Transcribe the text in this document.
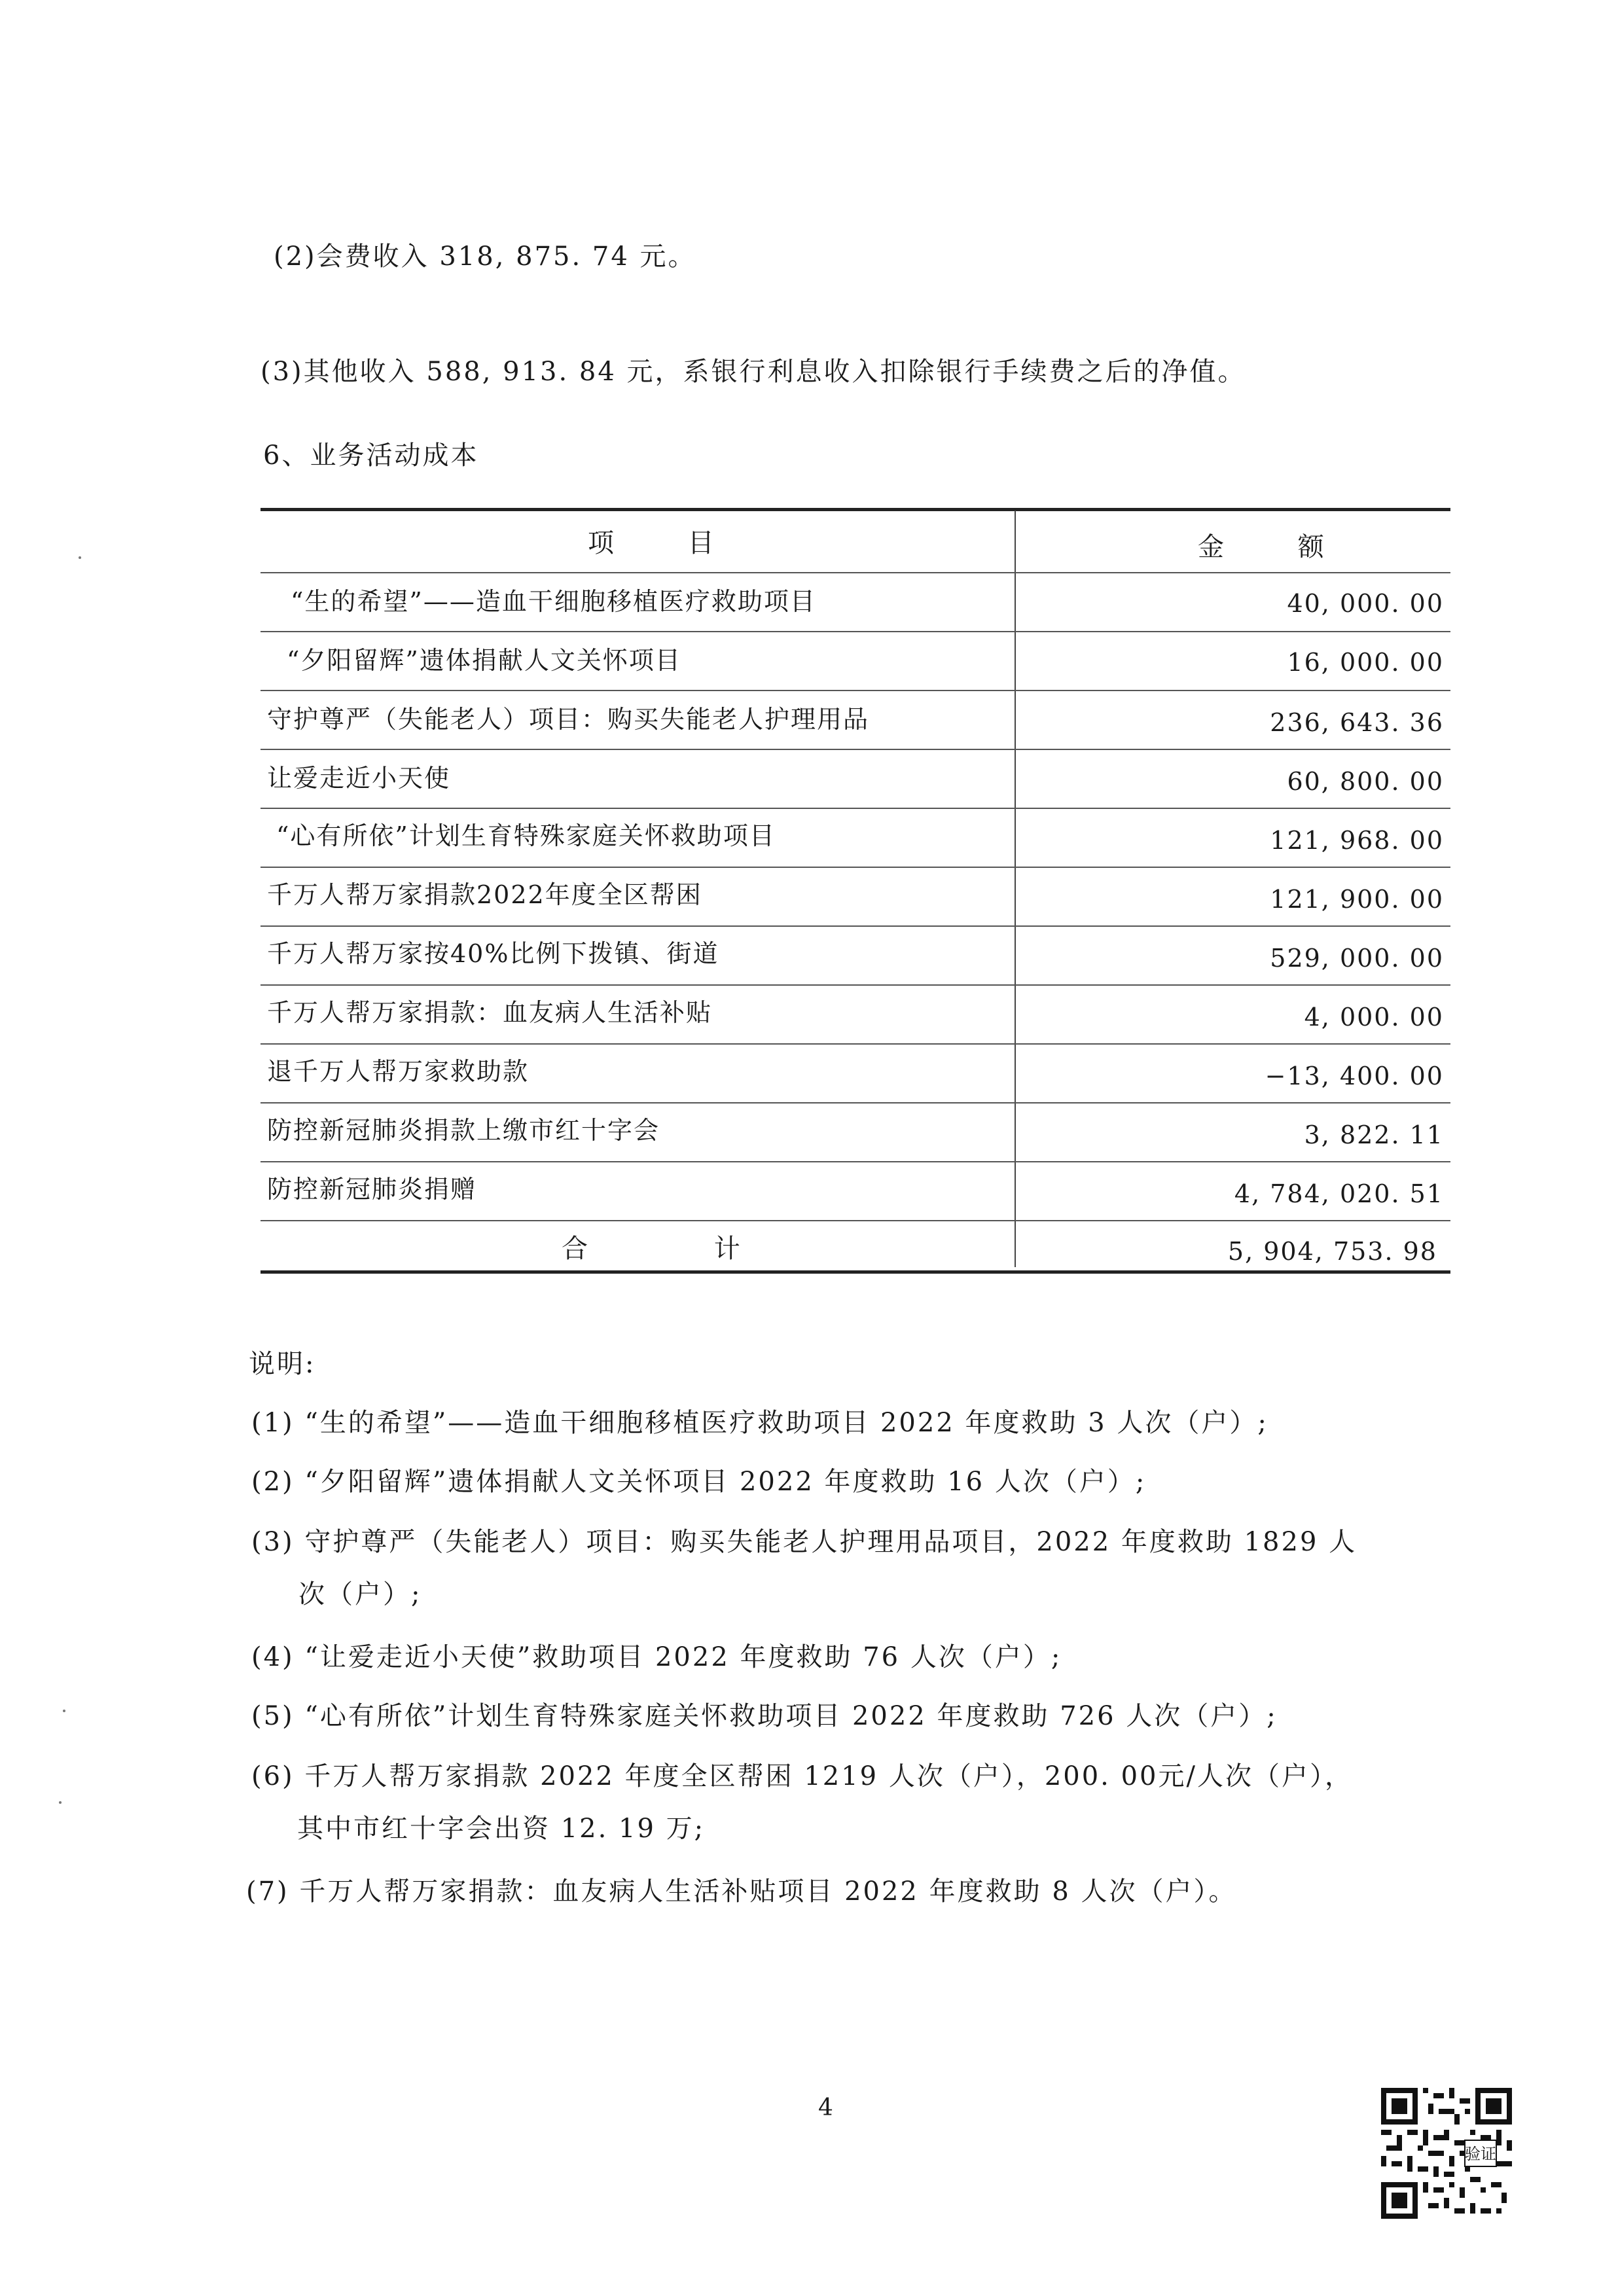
(2)会费收入 318, 875. 74 元。
(3)其他收入 588, 913. 84 元，系银行利息收入扣除银行手续费之后的净值。
6、业务活动成本
项 目	金 额
“生的希望”——造血干细胞移植医疗救助项目	40, 000. 00
“夕阳留辉”遗体捐献人文关怀项目	16, 000. 00
守护尊严（失能老人）项目：购买失能老人护理用品	236, 643. 36
让爱走近小天使	60, 800. 00
“心有所依”计划生育特殊家庭关怀救助项目	121, 968. 00
千万人帮万家捐款2022年度全区帮困	121, 900. 00
千万人帮万家按40%比例下拨镇、街道	529, 000. 00
千万人帮万家捐款：血友病人生活补贴	4, 000. 00
退千万人帮万家救助款	−13, 400. 00
防控新冠肺炎捐款上缴市红十字会	3, 822. 11
防控新冠肺炎捐赠	4, 784, 020. 51
合 计	5, 904, 753. 98
说明:
(1) “生的希望”——造血干细胞移植医疗救助项目 2022 年度救助 3 人次（户）;
(2) “夕阳留辉”遗体捐献人文关怀项目 2022 年度救助 16 人次（户）;
(3) 守护尊严（失能老人）项目：购买失能老人护理用品项目，2022 年度救助 1829 人
次（户）;
(4) “让爱走近小天使”救助项目 2022 年度救助 76 人次（户）;
(5) “心有所依”计划生育特殊家庭关怀救助项目 2022 年度救助 726 人次（户）;
(6) 千万人帮万家捐款 2022 年度全区帮困 1219 人次（户），200. 00元/人次（户），
其中市红十字会出资 12. 19 万;
(7) 千万人帮万家捐款：血友病人生活补贴项目 2022 年度救助 8 人次（户）。
4
验证
